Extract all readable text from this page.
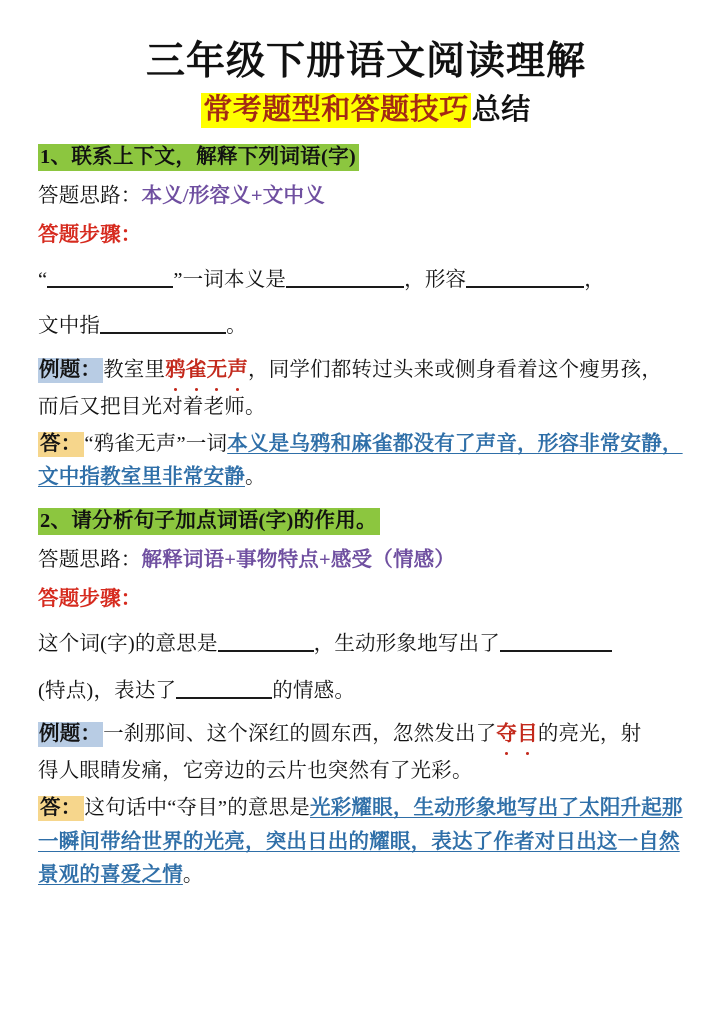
三年级下册语文阅读理解
常考题型和答题技巧 总结
1、联系上下文，解释下列词语(字)
答题思路：本义/形容义+文中义
答题步骤：
“ ”一词本义是	，形容	，
文中指	。
例题：教室里鸦雀无声，同学们都转过头来或侧身看着这个瘦男孩，
而后又把目光对着老师。
答： “鸦雀无声”一词本义是乌鸦和麻雀都没有了声音，形容非常安静，文中指教室里非常安静。
2、请分析句子加点词语(字)的作用。
答题思路：解释词语+事物特点+感受（情感）
答题步骤：
这个词(字)的意思是	，生动形象地写出了
(特点)，表达了	的情感。
例题：一刹那间、这个深红的圆东西，忽然发出了夺目的亮光，射
得人眼睛发痛，它旁边的云片也突然有了光彩。
答： 这句话中“夺目”的意思是光彩耀眼，生动形象地写出了太阳升起那一瞬间带给世界的光亮，突出日出的耀眼，表达了作者对日出这一自然景观的喜爱之情。
